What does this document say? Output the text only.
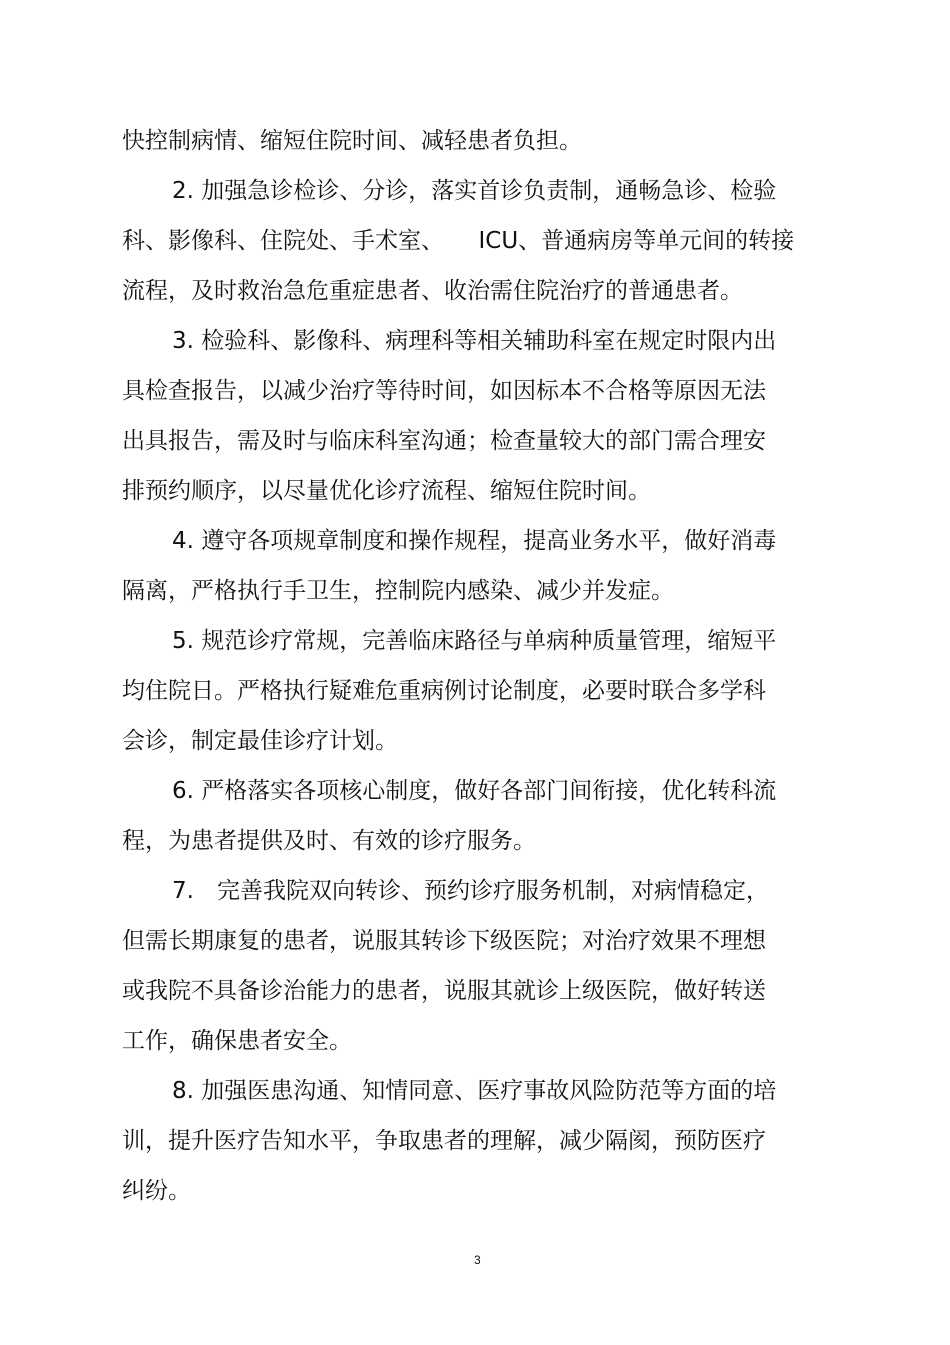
快控制病情、缩短住院时间、减轻患者负担。
2. 加强急诊检诊、分诊，落实首诊负责制，通畅急诊、检验
科、影像科、住院处、手术室、　　ICU、普通病房等单元间的转接
流程，及时救治急危重症患者、收治需住院治疗的普通患者。
3. 检验科、影像科、病理科等相关辅助科室在规定时限内出
具检查报告，以减少治疗等待时间，如因标本不合格等原因无法
出具报告，需及时与临床科室沟通；检查量较大的部门需合理安
排预约顺序，以尽量优化诊疗流程、缩短住院时间。
4. 遵守各项规章制度和操作规程，提高业务水平，做好消毒
隔离，严格执行手卫生，控制院内感染、减少并发症。
5. 规范诊疗常规，完善临床路径与单病种质量管理，缩短平
均住院日。严格执行疑难危重病例讨论制度，必要时联合多学科
会诊，制定最佳诊疗计划。
6. 严格落实各项核心制度，做好各部门间衔接，优化转科流
程，为患者提供及时、有效的诊疗服务。
7.　完善我院双向转诊、预约诊疗服务机制，对病情稳定，
但需长期康复的患者，说服其转诊下级医院；对治疗效果不理想
或我院不具备诊治能力的患者，说服其就诊上级医院，做好转送
工作，确保患者安全。
8. 加强医患沟通、知情同意、医疗事故风险防范等方面的培
训，提升医疗告知水平，争取患者的理解，减少隔阂，预防医疗
纠纷。
3
